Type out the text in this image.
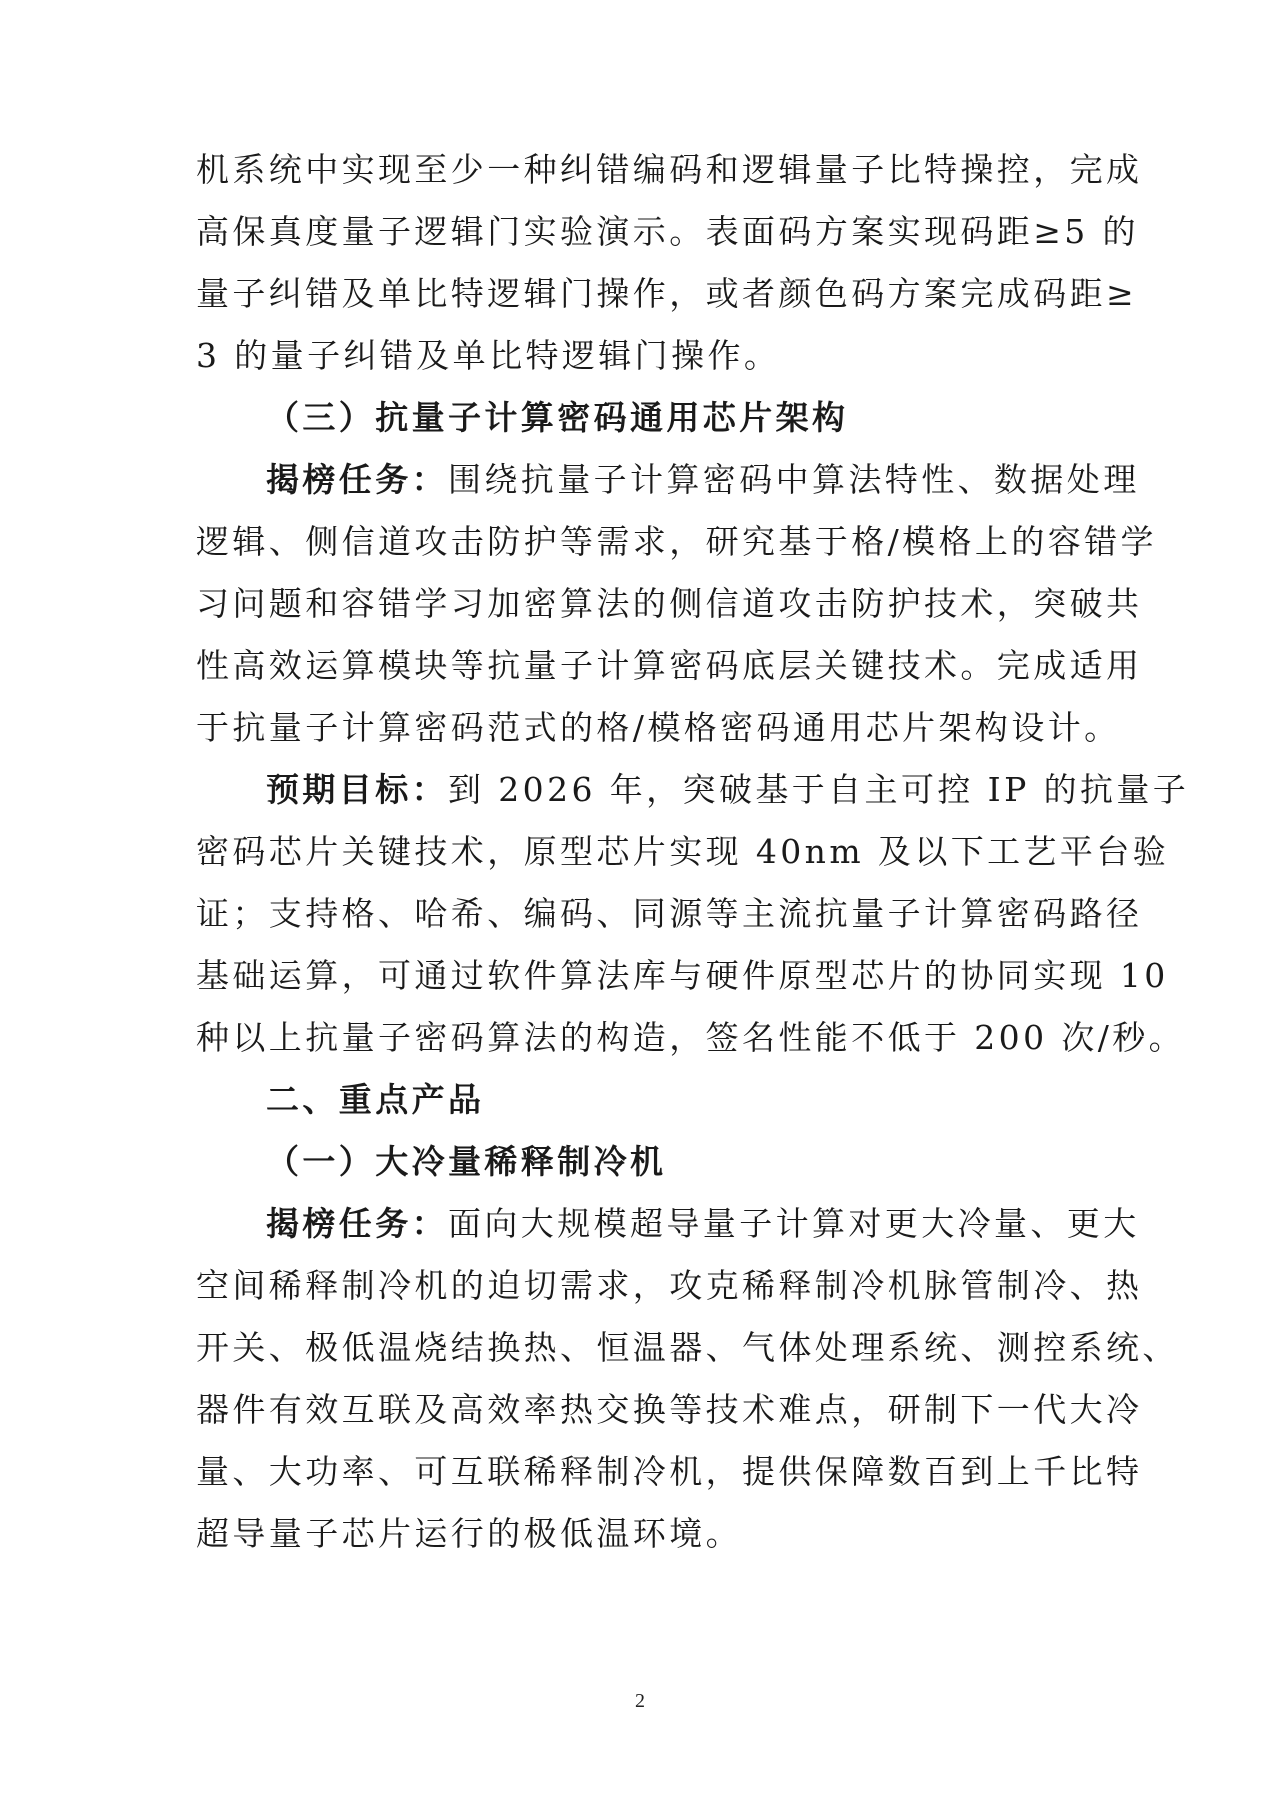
机系统中实现至少一种纠错编码和逻辑量子比特操控，完成
高保真度量子逻辑门实验演示。表面码方案实现码距≥5 的
量子纠错及单比特逻辑门操作，或者颜色码方案完成码距≥
3 的量子纠错及单比特逻辑门操作。
（三）抗量子计算密码通用芯片架构
揭榜任务：围绕抗量子计算密码中算法特性、数据处理
逻辑、侧信道攻击防护等需求，研究基于格/模格上的容错学
习问题和容错学习加密算法的侧信道攻击防护技术，突破共
性高效运算模块等抗量子计算密码底层关键技术。完成适用
于抗量子计算密码范式的格/模格密码通用芯片架构设计。
预期目标：到 2026 年，突破基于自主可控 IP 的抗量子
密码芯片关键技术，原型芯片实现 40nm 及以下工艺平台验
证；支持格、哈希、编码、同源等主流抗量子计算密码路径
基础运算，可通过软件算法库与硬件原型芯片的协同实现 10
种以上抗量子密码算法的构造，签名性能不低于 200 次/秒。
二、重点产品
（一）大冷量稀释制冷机
揭榜任务：面向大规模超导量子计算对更大冷量、更大
空间稀释制冷机的迫切需求，攻克稀释制冷机脉管制冷、热
开关、极低温烧结换热、恒温器、气体处理系统、测控系统、
器件有效互联及高效率热交换等技术难点，研制下一代大冷
量、大功率、可互联稀释制冷机，提供保障数百到上千比特
超导量子芯片运行的极低温环境。
2
